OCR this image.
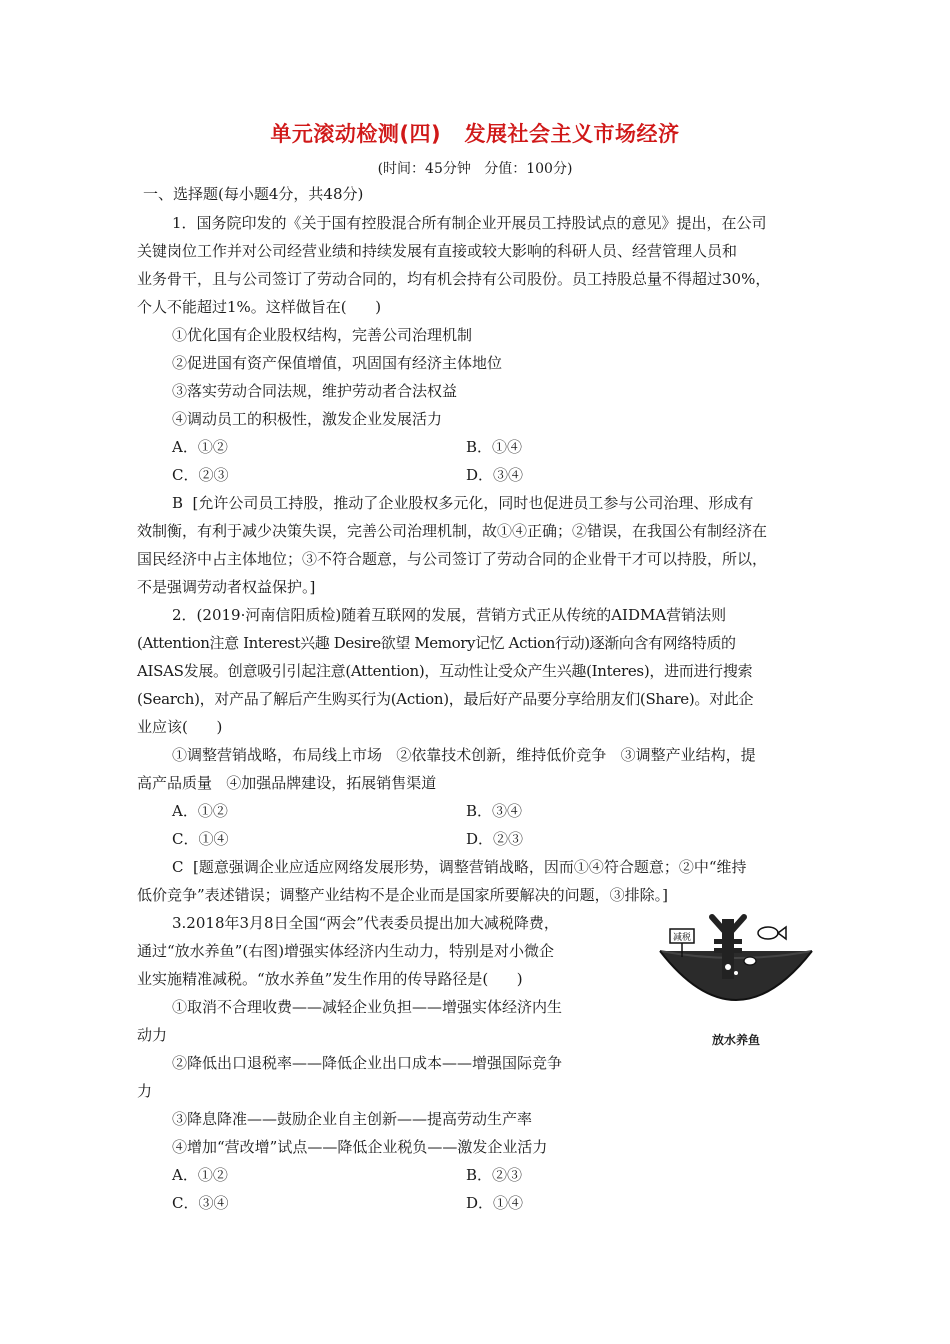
单元滚动检测(四)   发展社会主义市场经济
(时间：45分钟   分值：100分)
一、选择题(每小题4分，共48分)
1．国务院印发的《关于国有控股混合所有制企业开展员工持股试点的意见》提出，在公司
关键岗位工作并对公司经营业绩和持续发展有直接或较大影响的科研人员、经营管理人员和
业务骨干，且与公司签订了劳动合同的，均有机会持有公司股份。员工持股总量不得超过30%，
个人不能超过1%。这样做旨在(      )
①优化国有企业股权结构，完善公司治理机制
②促进国有资产保值增值，巩固国有经济主体地位
③落实劳动合同法规，维护劳动者合法权益
④调动员工的积极性，激发企业发展活力
A．①②	B．①④
C．②③	D．③④
B  [允许公司员工持股，推动了企业股权多元化，同时也促进员工参与公司治理、形成有
效制衡，有利于减少决策失误，完善公司治理机制，故①④正确；②错误，在我国公有制经济在
国民经济中占主体地位；③不符合题意，与公司签订了劳动合同的企业骨干才可以持股，所以，
不是强调劳动者权益保护。]
2．(2019·河南信阳质检)随着互联网的发展，营销方式正从传统的AIDMA营销法则
(Attention注意 Interest兴趣 Desire欲望 Memory记忆 Action行动)逐渐向含有网络特质的
AISAS发展。创意吸引引起注意(Attention)，互动性让受众产生兴趣(Interes)，进而进行搜索
(Search)，对产品了解后产生购买行为(Action)，最后好产品要分享给朋友们(Share)。对此企
业应该(      )
①调整营销战略，布局线上市场   ②依靠技术创新，维持低价竞争   ③调整产业结构，提
高产品质量   ④加强品牌建设，拓展销售渠道
A．①②	B．③④
C．①④	D．②③
C  [题意强调企业应适应网络发展形势，调整营销战略，因而①④符合题意；②中“维持
低价竞争”表述错误；调整产业结构不是企业而是国家所要解决的问题，③排除。]
3.2018年3月8日全国“两会”代表委员提出加大减税降费，
通过“放水养鱼”(右图)增强实体经济内生动力，特别是对小微企
业实施精准减税。“放水养鱼”发生作用的传导路径是(      )
①取消不合理收费——减轻企业负担——增强实体经济内生
动力
②降低出口退税率——降低企业出口成本——增强国际竞争
力
③降息降准——鼓励企业自主创新——提高劳动生产率
④增加“营改增”试点——降低企业税负——激发企业活力
A．①②	B．②③
C．③④	D．①④
减税
放水养鱼
